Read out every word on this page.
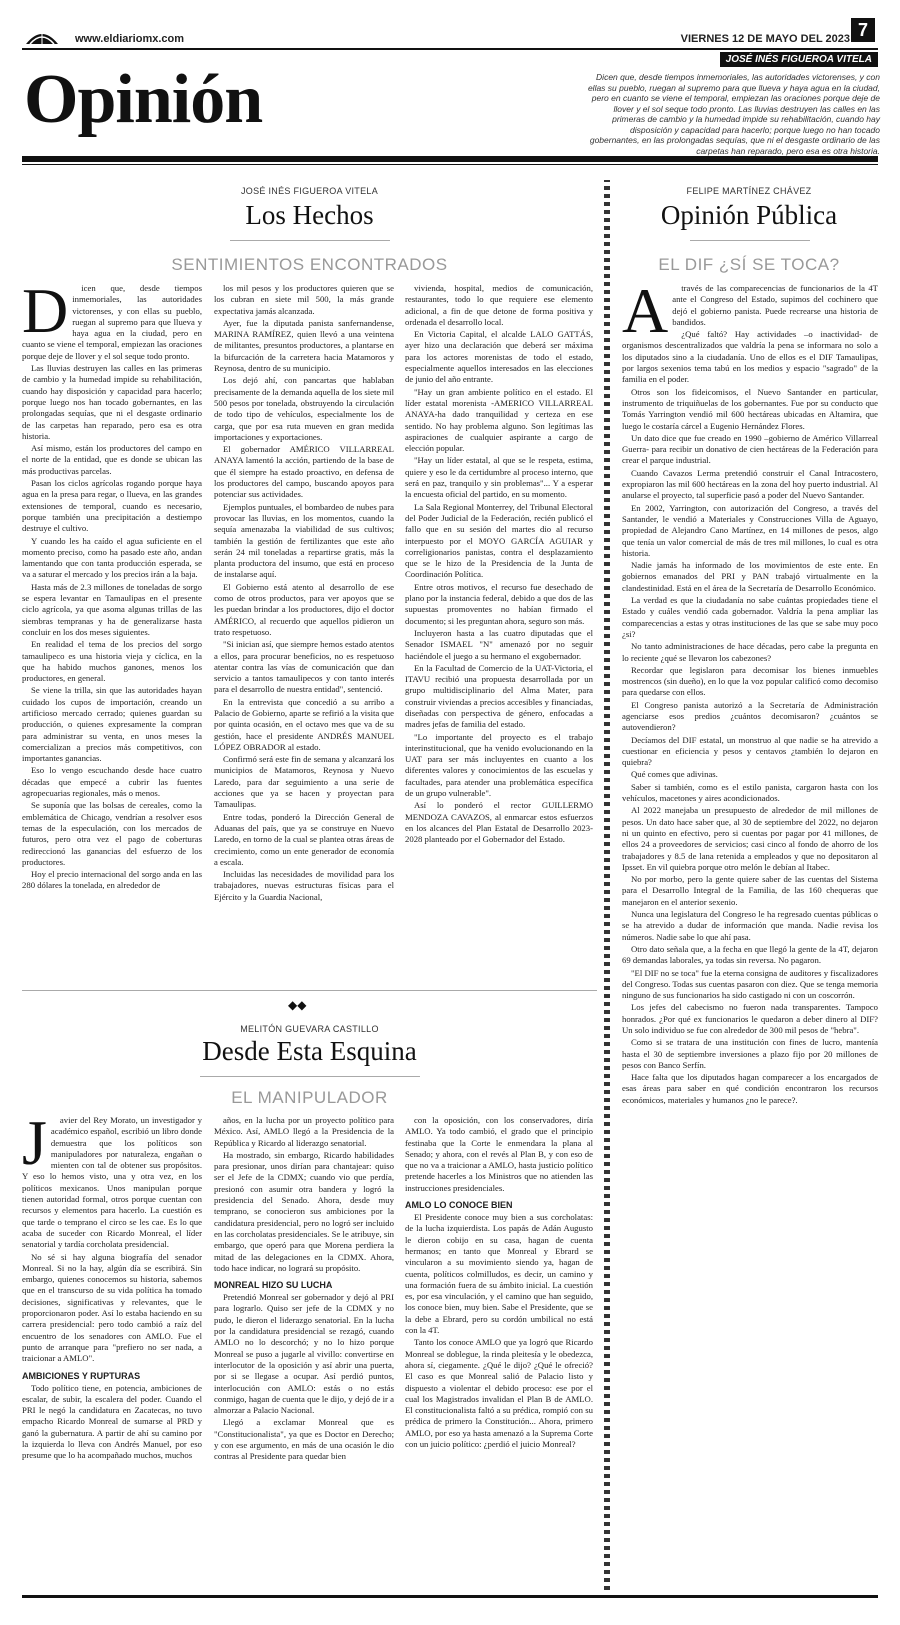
www.eldiariomx.com	VIERNES 12 DE MAYO DEL 2023 7
JOSÉ INÉS FIGUEROA VITELA
Opinión	Dicen que, desde tiempos inmemoriales, las autoridades victorenses, y con ellas su pueblo, ruegan al supremo para que llueva y haya agua en la ciudad, pero en cuanto se viene el temporal, empiezan las oraciones porque deje de llover y el sol seque todo pronto. Las lluvias destruyen las calles en las primeras de cambio y la humedad impide su rehabilitación, cuando hay disposición y capacidad para hacerlo; porque luego no han tocado gobernantes, en las prolongadas sequías, que ni el desgaste ordinario de las carpetas han reparado, pero esa es otra historia.
JOSÉ INÉS FIGUEROA VITELA
Los Hechos
SENTIMIENTOS ENCONTRADOS
D	icen que, desde tiempos inmemoriales, las autoridades victorenses, y con ellas su pueblo, ruegan al supremo para que llueva y haya agua en la ciudad, pero en cuanto se viene el temporal, empiezan las oraciones porque deje de llover y el sol seque todo pronto.

Las lluvias destruyen las calles en las primeras de cambio y la humedad impide su rehabilitación, cuando hay disposición y capacidad para hacerlo; porque luego nos han tocado gobernantes, en las prolongadas sequías, que ni el desgaste ordinario de las carpetas han reparado, pero esa es otra historia.

Así mismo, están los productores del campo en el norte de la entidad, que es donde se ubican las más productivas parcelas.

Pasan los ciclos agrícolas rogando porque haya agua en la presa para regar, o llueva, en las grandes extensiones de temporal, cuando es necesario, porque también una precipitación a destiempo destruye el cultivo.

Y cuando les ha caído el agua suficiente en el momento preciso, como ha pasado este año, andan lamentando que con tanta producción esperada, se va a saturar el mercado y los precios irán a la baja.

Hasta más de 2.3 millones de toneladas de sorgo se espera levantar en Tamaulipas en el presente ciclo agrícola, ya que asoma algunas trillas de las siembras tempranas y ha de generalizarse hasta concluir en los dos meses siguientes.

En realidad el tema de los precios del sorgo tamaulipeco es una historia vieja y cíclica, en la que ha habido muchos ganones, menos los productores, en general.

Se viene la trilla, sin que las autoridades hayan cuidado los cupos de importación, creando un artificioso mercado cerrado; quienes guardan su producción, o quienes expresamente la compran para administrar su venta, en unos meses la comercializan a precios más competitivos, con importantes ganancias.

Eso lo vengo escuchando desde hace cuatro décadas que empecé a cubrir las fuentes agropecuarias regionales, más o menos.

Se suponía que las bolsas de cereales, como la emblemática de Chicago, vendrían a resolver esos temas de la especulación, con los mercados de futuros, pero otra vez el pago de coberturas redireccionó las ganancias del esfuerzo de los productores.

Hoy el precio internacional del sorgo anda en las 280 dólares la tonelada, en alrededor de

los mil pesos y los productores quieren que se los cubran en siete mil 500, la más grande expectativa jamás alcanzada.

Ayer, fue la diputada panista sanfernandense, MARINA RAMÍREZ, quien llevó a una veintena de militantes, presuntos productores, a plantarse en la bifurcación de la carretera hacia Matamoros y Reynosa, dentro de su municipio.

Los dejó ahí, con pancartas que hablaban precisamente de la demanda aquella de los siete mil 500 pesos por tonelada, obstruyendo la circulación de todo tipo de vehículos, especialmente los de carga, que por esa ruta mueven en gran medida importaciones y exportaciones.

El gobernador AMÉRICO VILLARREAL ANAYA lamentó la acción, partiendo de la base de que él siempre ha estado proactivo, en defensa de los productores del campo, buscando apoyos para potenciar sus actividades.

Ejemplos puntuales, el bombardeo de nubes para provocar las lluvias, en los momentos, cuando la sequía amenazaba la viabilidad de sus cultivos; también la gestión de fertilizantes que este año serán 24 mil toneladas a repartirse gratis, más la planta productora del insumo, que está en proceso de instalarse aquí.

El Gobierno está atento al desarrollo de ese como de otros productos, para ver apoyos que se les puedan brindar a los productores, dijo el doctor AMÉRICO, al recuerdo que aquellos pidieron un trato respetuoso.

"Si inician así, que siempre hemos estado atentos a ellos, para procurar beneficios, no es respetuoso atentar contra las vías de comunicación que dan servicio a tantos tamaulipecos y con tanto interés para el desarrollo de nuestra entidad", sentenció.

En la entrevista que concedió a su arribo a Palacio de Gobierno, aparte se refirió a la visita que por quinta ocasión, en el octavo mes que va de su gestión, hace el presidente ANDRÉS MANUEL LÓPEZ OBRADOR al estado.

Confirmó será este fin de semana y alcanzará los municipios de Matamoros, Reynosa y Nuevo Laredo, para dar seguimiento a una serie de acciones que ya se hacen y proyectan para Tamaulipas.

Entre todas, ponderó la Dirección General de Aduanas del país, que ya se construye en Nuevo Laredo, en torno de la cual se plantea otras áreas de crecimiento, como un ente generador de economía a escala.

Incluidas las necesidades de movilidad para los trabajadores, nuevas estructuras físicas para el Ejército y la Guardia Nacional,

vivienda, hospital, medios de comunicación, restaurantes, todo lo que requiere ese elemento adicional, a fin de que detone de forma positiva y ordenada el desarrollo local.

En Victoria Capital, el alcalde LALO GATTÁS, ayer hizo una declaración que deberá ser máxima para los actores morenistas de todo el estado, especialmente aquellos interesados en las elecciones de junio del año entrante.

"Hay un gran ambiente político en el estado. El líder estatal morenista -AMERICO VILLARREAL ANAYA-ha dado tranquilidad y certeza en ese sentido. No hay problema alguno. Son legítimas las aspiraciones de cualquier aspirante a cargo de elección popular.

"Hay un líder estatal, al que se le respeta, estima, quiere y eso le da certidumbre al proceso interno, que será en paz, tranquilo y sin problemas"... Y a esperar la encuesta oficial del partido, en su momento.

La Sala Regional Monterrey, del Tribunal Electoral del Poder Judicial de la Federación, recién publicó el fallo que en su sesión del martes dio al recurso interpuesto por el MOYO GARCÍA AGUIAR y correligionarios panistas, contra el desplazamiento que se le hizo de la Presidencia de la Junta de Coordinación Política.

Entre otros motivos, el recurso fue desechado de plano por la instancia federal, debido a que dos de las supuestas promoventes no habían firmado el documento; si les preguntan ahora, seguro son más.

Incluyeron hasta a las cuatro diputadas que el Senador ISMAEL "N" amenazó por no seguir haciéndole el juego a su hermano el exgobernador.

En la Facultad de Comercio de la UAT-Victoria, el ITAVU recibió una propuesta desarrollada por un grupo multidisciplinario del Alma Mater, para construir viviendas a precios accesibles y financiadas, diseñadas con perspectiva de género, enfocadas a madres jefas de familia del estado.

"Lo importante del proyecto es el trabajo interinstitucional, que ha venido evolucionando en la UAT para ser más incluyentes en cuanto a los diferentes valores y conocimientos de las escuelas y facultades, para atender una problemática específica de un grupo vulnerable".

Así lo ponderó el rector GUILLERMO MENDOZA CAVAZOS, al enmarcar estos esfuerzos en los alcances del Plan Estatal de Desarrollo 2023-2028 planteado por el Gobernador del Estado.

◆◆
MELITÓN GUEVARA CASTILLO
Desde Esta Esquina
EL MANIPULADOR
J	avier del Rey Morato, un investigador y académico español, escribió un libro donde demuestra que los políticos son manipuladores por naturaleza, engañan o mienten con tal de obtener sus propósitos. Y eso lo hemos visto, una y otra vez, en los políticos mexicanos. Unos manipulan porque tienen autoridad formal, otros porque cuentan con recursos y elementos para hacerlo. La cuestión es que tarde o temprano el circo se les cae. Es lo que acaba de suceder con Ricardo Monreal, el líder senatorial y tardía corcholata presidencial.

No sé si hay alguna biografía del senador Monreal. Si no la hay, algún día se escribirá. Sin embargo, quienes conocemos su historia, sabemos que en el transcurso de su vida política ha tomado decisiones, significativas y relevantes, que le proporcionaron poder. Así lo estaba haciendo en su carrera presidencial: pero todo cambió a raíz del encuentro de los senadores con AMLO. Fue el punto de arranque para "prefiero no ser nada, a traicionar a AMLO".

AMBICIONES Y RUPTURAS

Todo político tiene, en potencia, ambiciones de escalar, de subir, la escalera del poder. Cuando el PRI le negó la candidatura en Zacatecas, no tuvo empacho Ricardo Monreal de sumarse al PRD y ganó la gubernatura. A partir de ahí su camino por la izquierda lo lleva con Andrés Manuel, por eso presume que lo ha acompañado muchos, muchos

años, en la lucha por un proyecto político para México. Así, AMLO llegó a la Presidencia de la República y Ricardo al liderazgo senatorial.

Ha mostrado, sin embargo, Ricardo habilidades para presionar, unos dirían para chantajear: quiso ser el Jefe de la CDMX; cuando vio que perdía, presionó con asumir otra bandera y logró la presidencia del Senado. Ahora, desde muy temprano, se conocieron sus ambiciones por la candidatura presidencial, pero no logró ser incluido en las corcholatas presidenciales. Se le atribuye, sin embargo, que operó para que Morena perdiera la mitad de las delegaciones en la CDMX. Ahora, todo hace indicar, no logrará su propósito.

MONREAL HIZO SU LUCHA

Pretendió Monreal ser gobernador y dejó al PRI para lograrlo. Quiso ser jefe de la CDMX y no pudo, le dieron el liderazgo senatorial. En la lucha por la candidatura presidencial se rezagó, cuando AMLO no lo descorchó; y no lo hizo porque Monreal se puso a jugarle al vivillo: convertirse en interlocutor de la oposición y así abrir una puerta, por si se llegase a ocupar. Así perdió puntos, interlocución con AMLO: estás o no estás conmigo, hagan de cuenta que le dijo, y dejó de ir a almorzar a Palacio Nacional.

Llegó a exclamar Monreal que es "Constitucionalista", ya que es Doctor en Derecho; y con ese argumento, en más de una ocasión le dio contras al Presidente para quedar bien

con la oposición, con los conservadores, diría AMLO. Ya todo cambió, el grado que el principio festinaba que la Corte le enmendara la plana al Senado; y ahora, con el revés al Plan B, y con eso de que no va a traicionar a AMLO, hasta justicio político pretende hacerles a los Ministros que no atienden las instrucciones presidenciales.

AMLO LO CONOCE BIEN

El Presidente conoce muy bien a sus corcholatas: de la lucha izquierdista. Los papás de Adán Augusto le dieron cobijo en su casa, hagan de cuenta hermanos; en tanto que Monreal y Ebrard se vincularon a su movimiento siendo ya, hagan de cuenta, políticos colmilludos, es decir, un camino y una formación fuera de su ámbito inicial. La cuestión es, por esa vinculación, y el camino que han seguido, los conoce bien, muy bien. Sabe el Presidente, que se la debe a Ebrard, pero su cordón umbilical no está con la 4T.

Tanto los conoce AMLO que ya logró que Ricardo Monreal se doblegue, la rinda pleitesía y le obedezca, ahora sí, ciegamente. ¿Qué le dijo? ¿Qué le ofreció? El caso es que Monreal salió de Palacio listo y dispuesto a violentar el debido proceso: ese por el cual los Magistrados invalidan el Plan B de AMLO. El constitucionalista faltó a su prédica, rompió con su prédica de primero la Constitución... Ahora, primero AMLO, por eso ya hasta amenazó a la Suprema Corte con un juicio político: ¿perdió el juicio Monreal?

FELIPE MARTÍNEZ CHÁVEZ
Opinión Pública
EL DIF ¿SÍ SE TOCA?
A	través de las comparecencias de funcionarios de la 4T ante el Congreso del Estado, supimos del cochinero que dejó el gobierno panista. Puede recrearse una historia de bandidos.

¿Qué faltó? Hay actividades –o inactividad- de organismos descentralizados que valdría la pena se informara no solo a los diputados sino a la ciudadanía. Uno de ellos es el DIF Tamaulipas, por largos sexenios tema tabú en los medios y espacio "sagrado" de la familia en el poder.

Otros son los fideicomisos, el Nuevo Santander en particular, instrumento de triquiñuelas de los gobernantes. Fue por su conducto que Tomás Yarrington vendió mil 600 hectáreas ubicadas en Altamira, que luego le costaría cárcel a Eugenio Hernández Flores.

Un dato dice que fue creado en 1990 –gobierno de Américo Villarreal Guerra- para recibir un donativo de cien hectáreas de la Federación para crear el parque industrial.

Cuando Cavazos Lerma pretendió construir el Canal Intracostero, expropiaron las mil 600 hectáreas en la zona del hoy puerto industrial. Al anularse el proyecto, tal superficie pasó a poder del Nuevo Santander.

En 2002, Yarrington, con autorización del Congreso, a través del Santander, le vendió a Materiales y Construcciones Villa de Aguayo, propiedad de Alejandro Cano Martínez, en 14 millones de pesos, algo que tenía un valor comercial de más de tres mil millones, lo cual es otra historia.

Nadie jamás ha informado de los movimientos de este ente. En gobiernos emanados del PRI y PAN trabajó virtualmente en la clandestinidad. Está en el área de la Secretaría de Desarrollo Económico.

La verdad es que la ciudadanía no sabe cuántas propiedades tiene el Estado y cuáles vendió cada gobernador. Valdría la pena ampliar las comparecencias a estas y otras instituciones de las que se sabe muy poco ¿si?

No tanto administraciones de hace décadas, pero cabe la pregunta en lo reciente ¿qué se llevaron los cabezones?

Recordar que legislaron para decomisar los bienes inmuebles mostrencos (sin dueño), en lo que la voz popular calificó como decomiso para quedarse con ellos.

El Congreso panista autorizó a la Secretaría de Administración agenciarse esos predios ¿cuántos decomisaron? ¿cuántos se autovendieron?

Decíamos del DIF estatal, un monstruo al que nadie se ha atrevido a cuestionar en eficiencia y pesos y centavos ¿también lo dejaron en quiebra?

Qué comes que adivinas.

Saber si también, como es el estilo panista, cargaron hasta con los vehículos, macetones y aires acondicionados.

Al 2022 manejaba un presupuesto de alrededor de mil millones de pesos. Un dato hace saber que, al 30 de septiembre del 2022, no dejaron ni un quinto en efectivo, pero si cuentas por pagar por 41 millones, de ellos 24 a proveedores de servicios; casi cinco al fondo de ahorro de los trabajadores y 8.5 de lana retenida a empleados y que no depositaron al Ipsset. En vil quiebra porque otro melón le debían al Itabec.

No por morbo, pero la gente quiere saber de las cuentas del Sistema para el Desarrollo Integral de la Familia, de las 160 chequeras que manejaron en el anterior sexenio.

Nunca una legislatura del Congreso le ha regresado cuentas públicas o se ha atrevido a dudar de información que manda. Nadie revisa los números. Nadie sabe lo que ahí pasa.

Otro dato señala que, a la fecha en que llegó la gente de la 4T, dejaron 69 demandas laborales, ya todas sin reversa. No pagaron.

"El DIF no se toca" fue la eterna consigna de auditores y fiscalizadores del Congreso. Todas sus cuentas pasaron con diez. Que se tenga memoria ninguno de sus funcionarios ha sido castigado ni con un coscorrón.

Los jefes del cabecismo no fueron nada transparentes. Tampoco honrados. ¿Por qué ex funcionarios le quedaron a deber dinero al DIF? Un solo individuo se fue con alrededor de 300 mil pesos de "hebra".

Como si se tratara de una institución con fines de lucro, mantenía hasta el 30 de septiembre inversiones a plazo fijo por 20 millones de pesos con Banco Serfín.

Hace falta que los diputados hagan comparecer a los encargados de esas áreas para saber en qué condición encontraron los recursos económicos, materiales y humanos ¿no le parece?.
